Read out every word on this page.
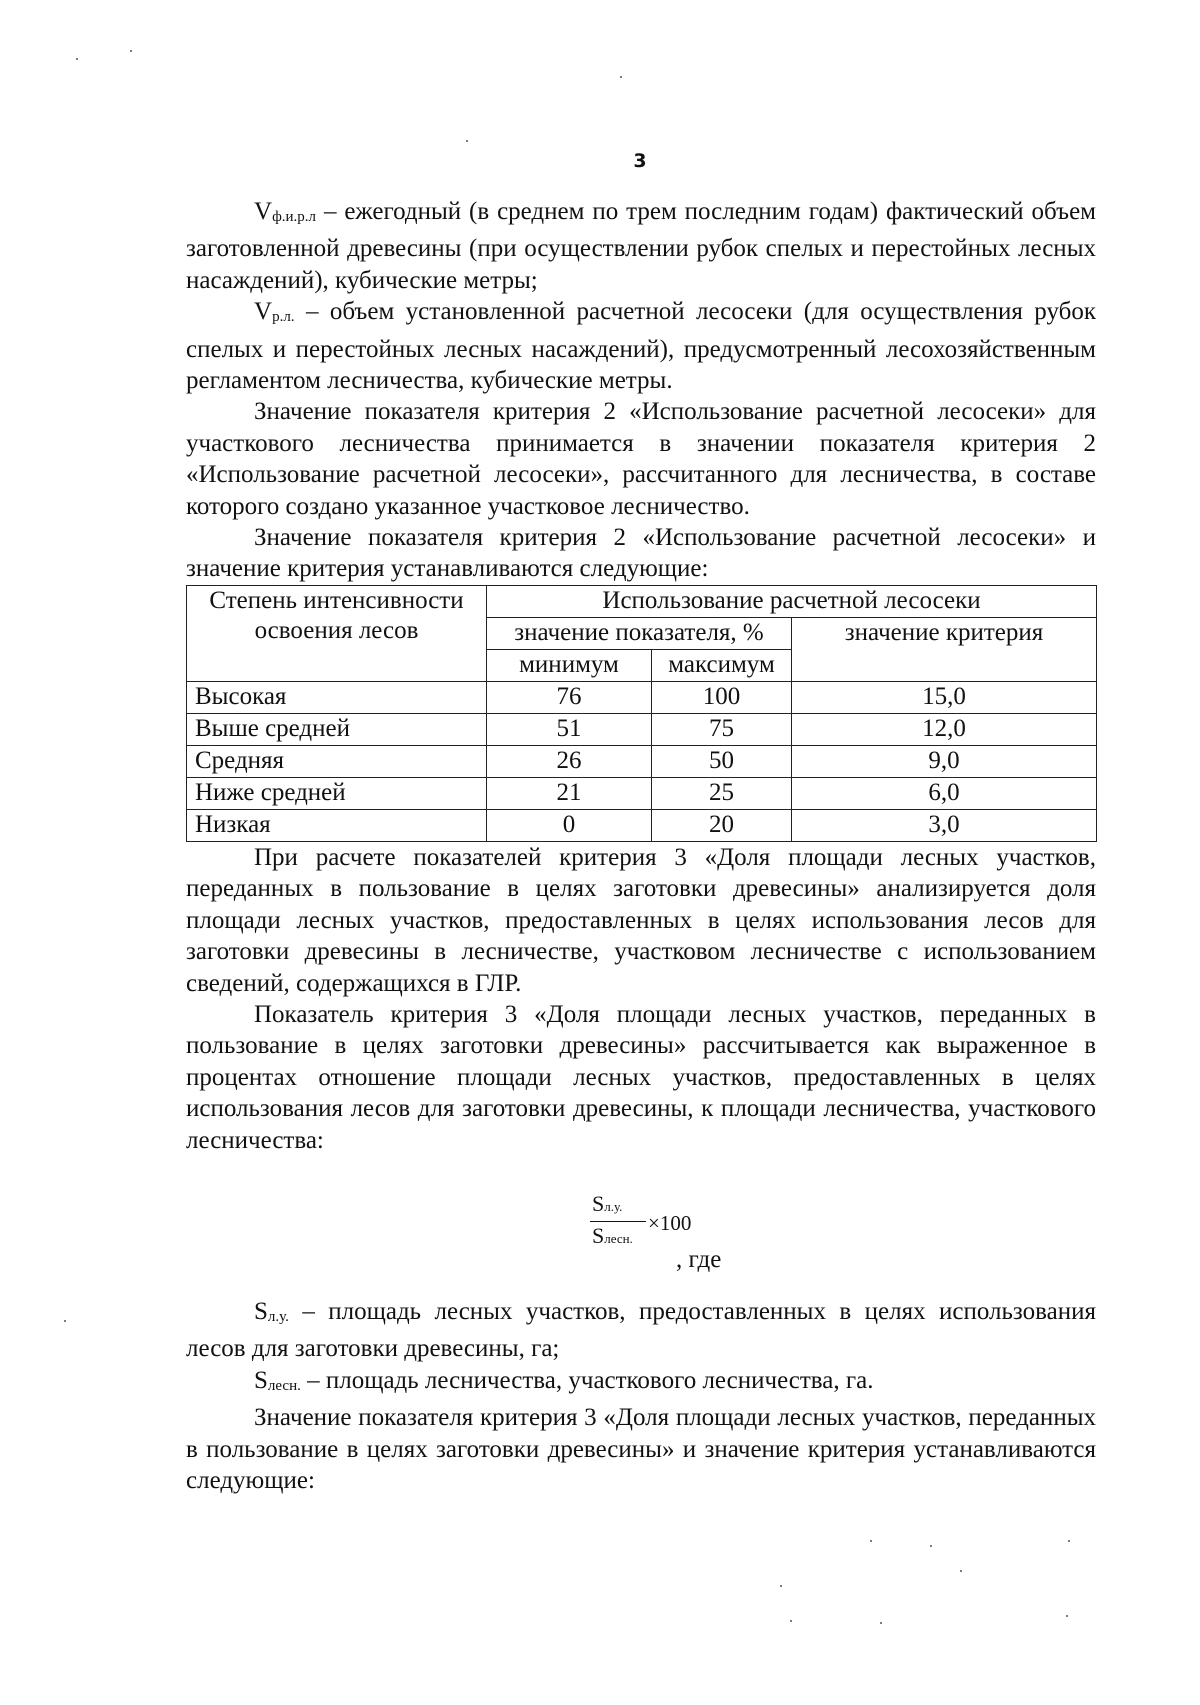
3

Vф.и.р.л – ежегодный (в среднем по трем последним годам) фактический объем заготовленной древесины (при осуществлении рубок спелых и перестойных лесных насаждений), кубические метры;

Vр.л. – объем установленной расчетной лесосеки (для осуществления рубок спелых и перестойных лесных насаждений), предусмотренный лесохозяйственным регламентом лесничества, кубические метры.

Значение показателя критерия 2 «Использование расчетной лесосеки» для участкового лесничества принимается в значении показателя критерия 2 «Использование расчетной лесосеки», рассчитанного для лесничества, в составе которого создано указанное участковое лесничество.

Значение показателя критерия 2 «Использование расчетной лесосеки» и значение критерия устанавливаются следующие:

Степень интенсивности освоения лесов	Использование расчетной лесосеки		
	значение показателя, %		значение критерия
	минимум	максимум	
Высокая	76	100	15,0
Выше средней	51	75	12,0
Средняя	26	50	9,0
Ниже средней	21	25	6,0
Низкая	0	20	3,0

При расчете показателей критерия 3 «Доля площади лесных участков, переданных в пользование в целях заготовки древесины» анализируется доля площади лесных участков, предоставленных в целях использования лесов для заготовки древесины в лесничестве, участковом лесничестве с использованием сведений, содержащихся в ГЛР.

Показатель критерия 3 «Доля площади лесных участков, переданных в пользование в целях заготовки древесины» рассчитывается как выраженное в процентах отношение площади лесных участков, предоставленных в целях использования лесов для заготовки древесины, к площади лесничества, участкового лесничества:

Sл.у.
Sлесн.
×100
, где

Sл.у. – площадь лесных участков, предоставленных в целях использования лесов для заготовки древесины, га;

Sлесн. – площадь лесничества, участкового лесничества, га.

Значение показателя критерия 3 «Доля площади лесных участков, переданных в пользование в целях заготовки древесины» и значение критерия устанавливаются следующие:
